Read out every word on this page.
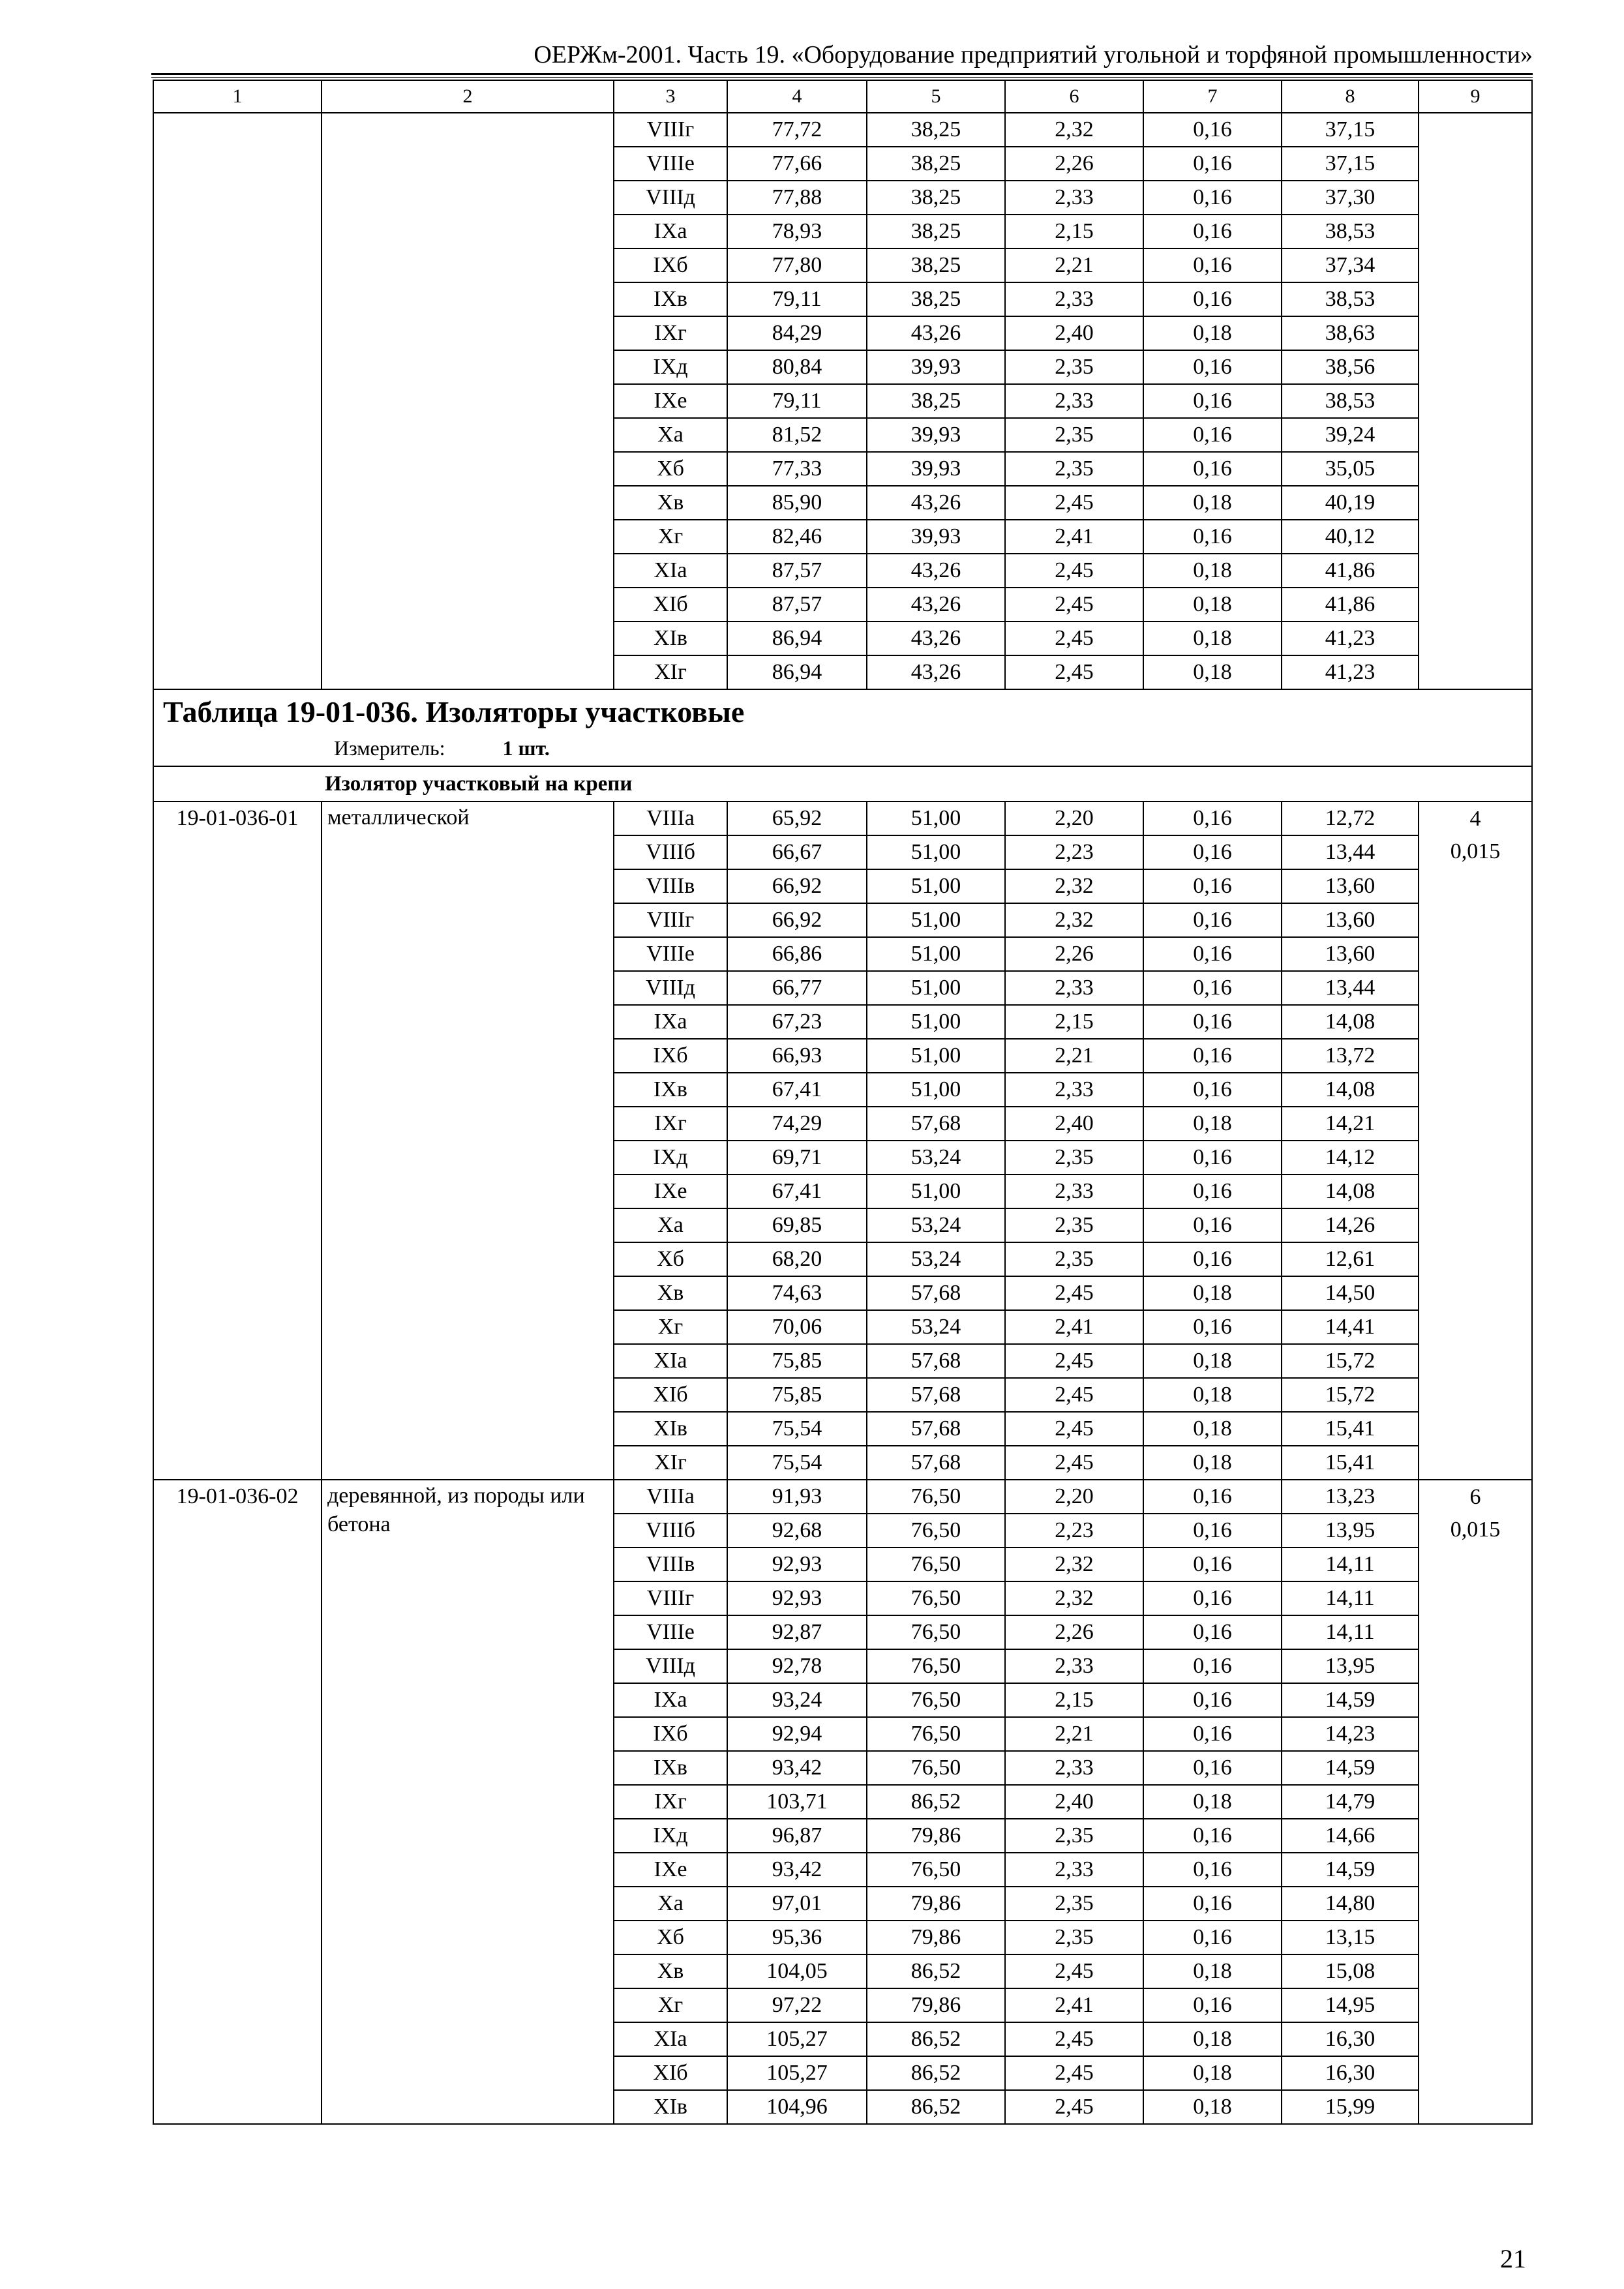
ОЕРЖм-2001. Часть 19. «Оборудование предприятий угольной и торфяной промышленности»
1	2	3	4	5	6	7	8	9
		VIIIг	77,72	38,25	2,32	0,16	37,15	
		VIIIе	77,66	38,25	2,26	0,16	37,15	
		VIIIд	77,88	38,25	2,33	0,16	37,30	
		IXа	78,93	38,25	2,15	0,16	38,53	
		IXб	77,80	38,25	2,21	0,16	37,34	
		IXв	79,11	38,25	2,33	0,16	38,53	
		IXг	84,29	43,26	2,40	0,18	38,63	
		IXд	80,84	39,93	2,35	0,16	38,56	
		IXе	79,11	38,25	2,33	0,16	38,53	
		Xа	81,52	39,93	2,35	0,16	39,24	
		Xб	77,33	39,93	2,35	0,16	35,05	
		Xв	85,90	43,26	2,45	0,18	40,19	
		Xг	82,46	39,93	2,41	0,16	40,12	
		XIа	87,57	43,26	2,45	0,18	41,86	
		XIб	87,57	43,26	2,45	0,18	41,86	
		XIв	86,94	43,26	2,45	0,18	41,23	
		XIг	86,94	43,26	2,45	0,18	41,23	

Таблица 19-01-036. Изоляторы участковые
Измеритель: 1 шт.								

Изолятор участковый на крепи								
19-01-036-01	металлической	VIIIа	65,92	51,00	2,20	0,16	12,72	4
		VIIIб	66,67	51,00	2,23	0,16	13,44	0,015
		VIIIв	66,92	51,00	2,32	0,16	13,60	
		VIIIг	66,92	51,00	2,32	0,16	13,60	
		VIIIе	66,86	51,00	2,26	0,16	13,60	
		VIIIд	66,77	51,00	2,33	0,16	13,44	
		IXа	67,23	51,00	2,15	0,16	14,08	
		IXб	66,93	51,00	2,21	0,16	13,72	
		IXв	67,41	51,00	2,33	0,16	14,08	
		IXг	74,29	57,68	2,40	0,18	14,21	
		IXд	69,71	53,24	2,35	0,16	14,12	
		IXе	67,41	51,00	2,33	0,16	14,08	
		Xа	69,85	53,24	2,35	0,16	14,26	
		Xб	68,20	53,24	2,35	0,16	12,61	
		Xв	74,63	57,68	2,45	0,18	14,50	
		Xг	70,06	53,24	2,41	0,16	14,41	
		XIа	75,85	57,68	2,45	0,18	15,72	
		XIб	75,85	57,68	2,45	0,18	15,72	
		XIв	75,54	57,68	2,45	0,18	15,41	
		XIг	75,54	57,68	2,45	0,18	15,41	
19-01-036-02	деревянной, из породы или бетона	VIIIа	91,93	76,50	2,20	0,16	13,23	6
		VIIIб	92,68	76,50	2,23	0,16	13,95	0,015
		VIIIв	92,93	76,50	2,32	0,16	14,11	
		VIIIг	92,93	76,50	2,32	0,16	14,11	
		VIIIе	92,87	76,50	2,26	0,16	14,11	
		VIIIд	92,78	76,50	2,33	0,16	13,95	
		IXа	93,24	76,50	2,15	0,16	14,59	
		IXб	92,94	76,50	2,21	0,16	14,23	
		IXв	93,42	76,50	2,33	0,16	14,59	
		IXг	103,71	86,52	2,40	0,18	14,79	
		IXд	96,87	79,86	2,35	0,16	14,66	
		IXе	93,42	76,50	2,33	0,16	14,59	
		Xа	97,01	79,86	2,35	0,16	14,80	
		Xб	95,36	79,86	2,35	0,16	13,15	
		Xв	104,05	86,52	2,45	0,18	15,08	
		Xг	97,22	79,86	2,41	0,16	14,95	
		XIа	105,27	86,52	2,45	0,18	16,30	
		XIб	105,27	86,52	2,45	0,18	16,30	
		XIв	104,96	86,52	2,45	0,18	15,99	
21
